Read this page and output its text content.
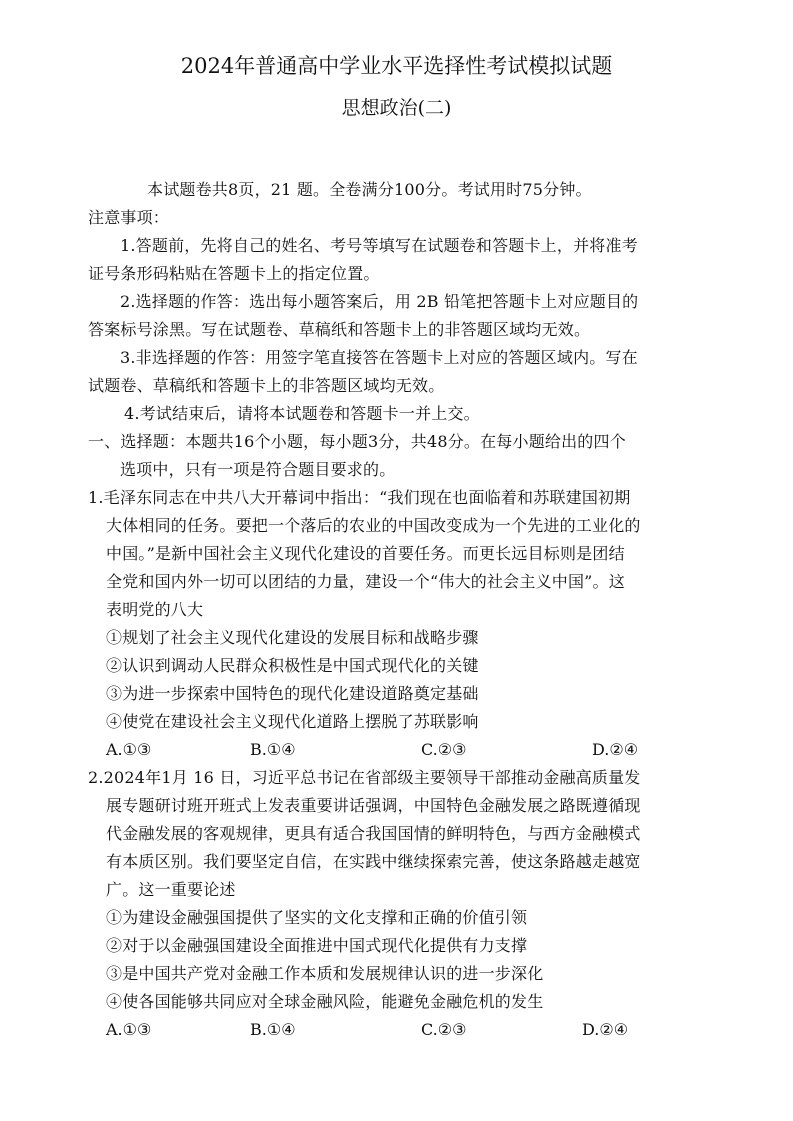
2024年普通高中学业水平选择性考试模拟试题
思想政治(二)
本试题卷共8页，21 题。全卷满分100分。考试用时75分钟。
注意事项：
1.答题前，先将自己的姓名、考号等填写在试题卷和答题卡上，并将准考
证号条形码粘贴在答题卡上的指定位置。
2.选择题的作答：选出每小题答案后，用 2B 铅笔把答题卡上对应题目的
答案标号涂黑。写在试题卷、草稿纸和答题卡上的非答题区域均无效。
3.非选择题的作答：用签字笔直接答在答题卡上对应的答题区域内。写在
试题卷、草稿纸和答题卡上的非答题区域均无效。
4.考试结束后，请将本试题卷和答题卡一并上交。
一、选择题：本题共16个小题，每小题3分，共48分。在每小题给出的四个
选项中，只有一项是符合题目要求的。
1.毛泽东同志在中共八大开幕词中指出：“我们现在也面临着和苏联建国初期
大体相同的任务。要把一个落后的农业的中国改变成为一个先进的工业化的
中国。”是新中国社会主义现代化建设的首要任务。而更长远目标则是团结
全党和国内外一切可以团结的力量，建设一个“伟大的社会主义中国”。这
表明党的八大
①规划了社会主义现代化建设的发展目标和战略步骤
②认识到调动人民群众积极性是中国式现代化的关键
③为进一步探索中国特色的现代化建设道路奠定基础
④使党在建设社会主义现代化道路上摆脱了苏联影响
A.①③	B.①④	C.②③	D.②④
2.2024年1月 16 日，习近平总书记在省部级主要领导干部推动金融高质量发
展专题研讨班开班式上发表重要讲话强调，中国特色金融发展之路既遵循现
代金融发展的客观规律，更具有适合我国国情的鲜明特色，与西方金融模式
有本质区别。我们要坚定自信，在实践中继续探索完善，使这条路越走越宽
广。这一重要论述
①为建设金融强国提供了坚实的文化支撑和正确的价值引领
②对于以金融强国建设全面推进中国式现代化提供有力支撑
③是中国共产党对金融工作本质和发展规律认识的进一步深化
④使各国能够共同应对全球金融风险，能避免金融危机的发生
A.①③	B.①④	C.②③	D.②④
